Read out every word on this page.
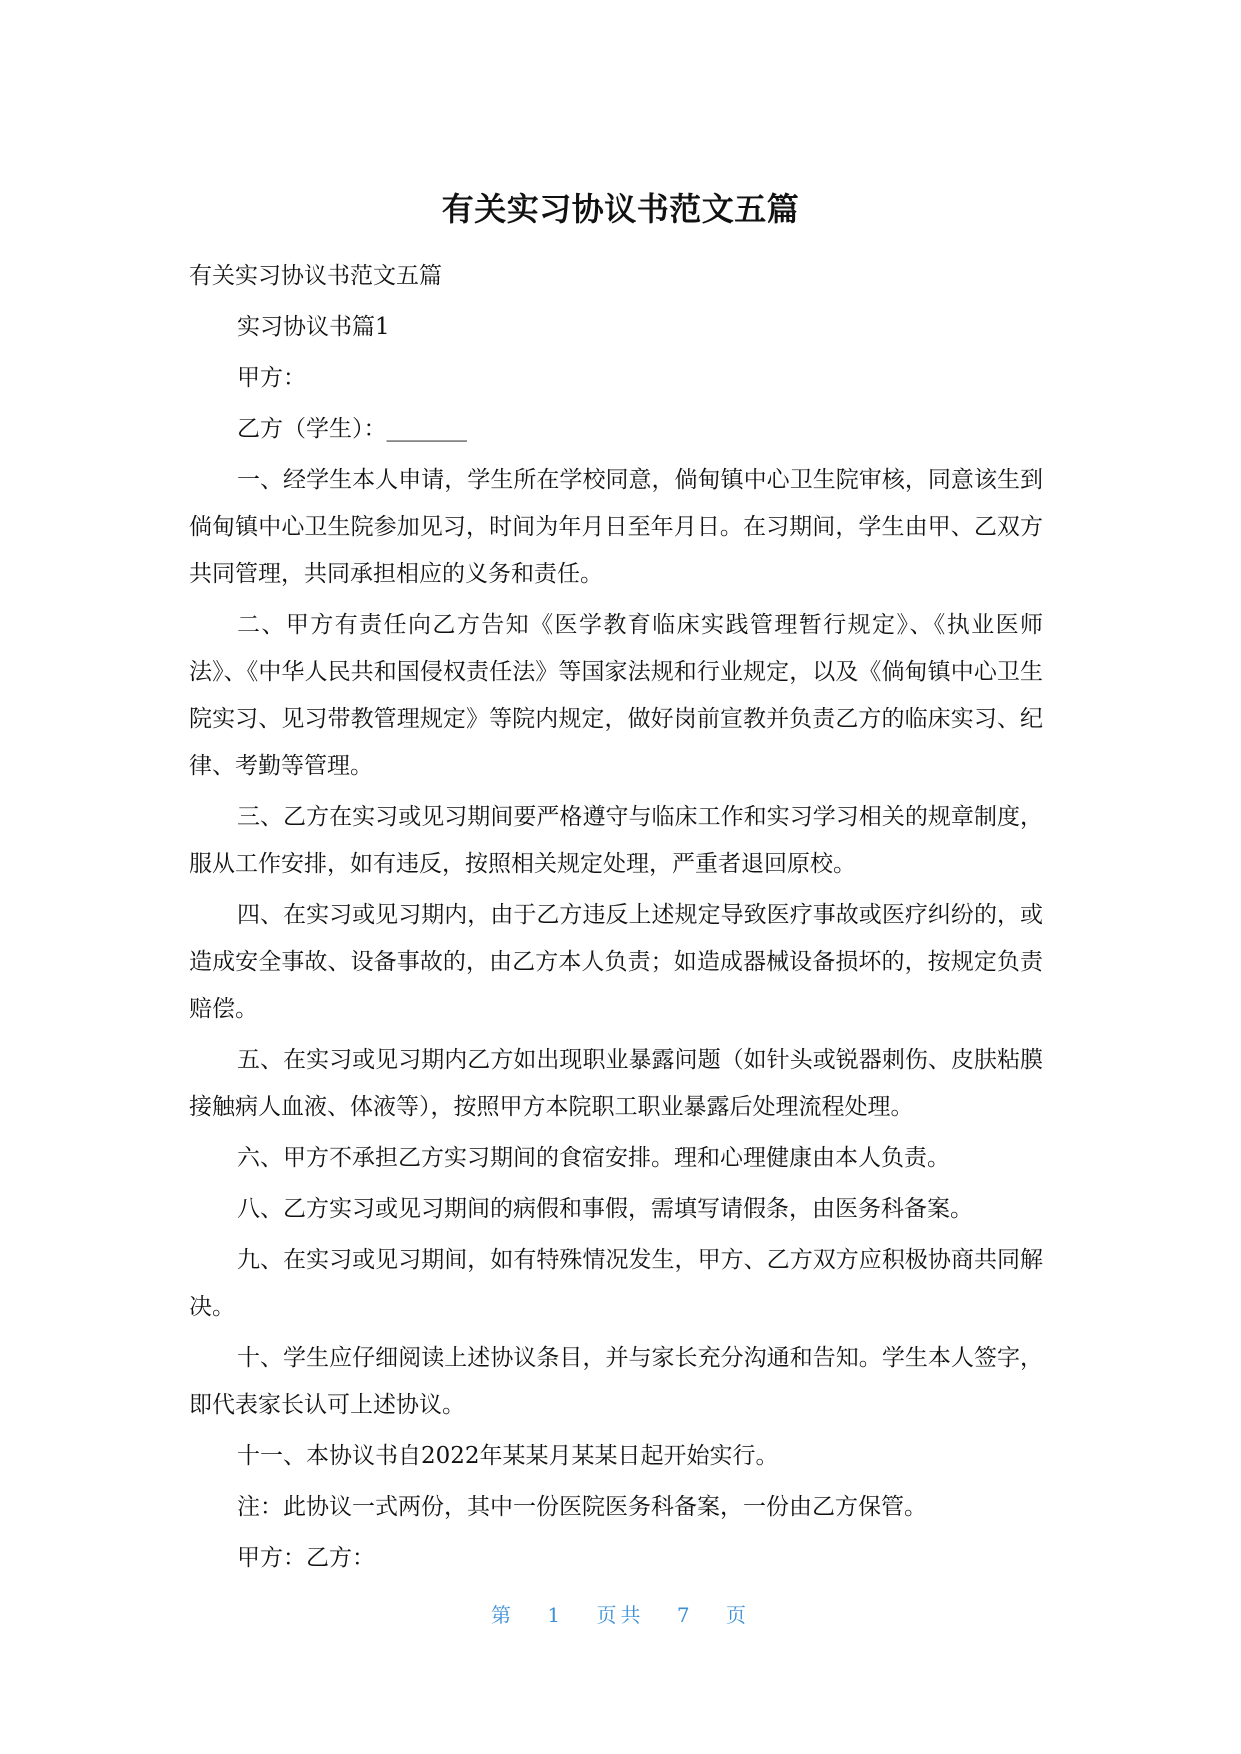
有关实习协议书范文五篇

有关实习协议书范文五篇

实习协议书篇1

甲方：

乙方（学生）：_______

一、经学生本人申请，学生所在学校同意，倘甸镇中心卫生院审核，同意该生到倘甸镇中心卫生院参加见习，时间为年月日至年月日。在习期间，学生由甲、乙双方共同管理，共同承担相应的义务和责任。

二、甲方有责任向乙方告知《医学教育临床实践管理暂行规定》、《执业医师法》、《中华人民共和国侵权责任法》等国家法规和行业规定，以及《倘甸镇中心卫生院实习、见习带教管理规定》等院内规定，做好岗前宣教并负责乙方的临床实习、纪律、考勤等管理。

三、乙方在实习或见习期间要严格遵守与临床工作和实习学习相关的规章制度，服从工作安排，如有违反，按照相关规定处理，严重者退回原校。

四、在实习或见习期内，由于乙方违反上述规定导致医疗事故或医疗纠纷的，或造成安全事故、设备事故的，由乙方本人负责；如造成器械设备损坏的，按规定负责赔偿。

五、在实习或见习期内乙方如出现职业暴露问题（如针头或锐器刺伤、皮肤粘膜接触病人血液、体液等），按照甲方本院职工职业暴露后处理流程处理。

六、甲方不承担乙方实习期间的食宿安排。理和心理健康由本人负责。

八、乙方实习或见习期间的病假和事假，需填写请假条，由医务科备案。

九、在实习或见习期间，如有特殊情况发生，甲方、乙方双方应积极协商共同解决。

十、学生应仔细阅读上述协议条目，并与家长充分沟通和告知。学生本人签字，即代表家长认可上述协议。

十一、本协议书自2022年某某月某某日起开始实行。

注：此协议一式两份，其中一份医院医务科备案，一份由乙方保管。

甲方：乙方：

第 1 页共 7 页
